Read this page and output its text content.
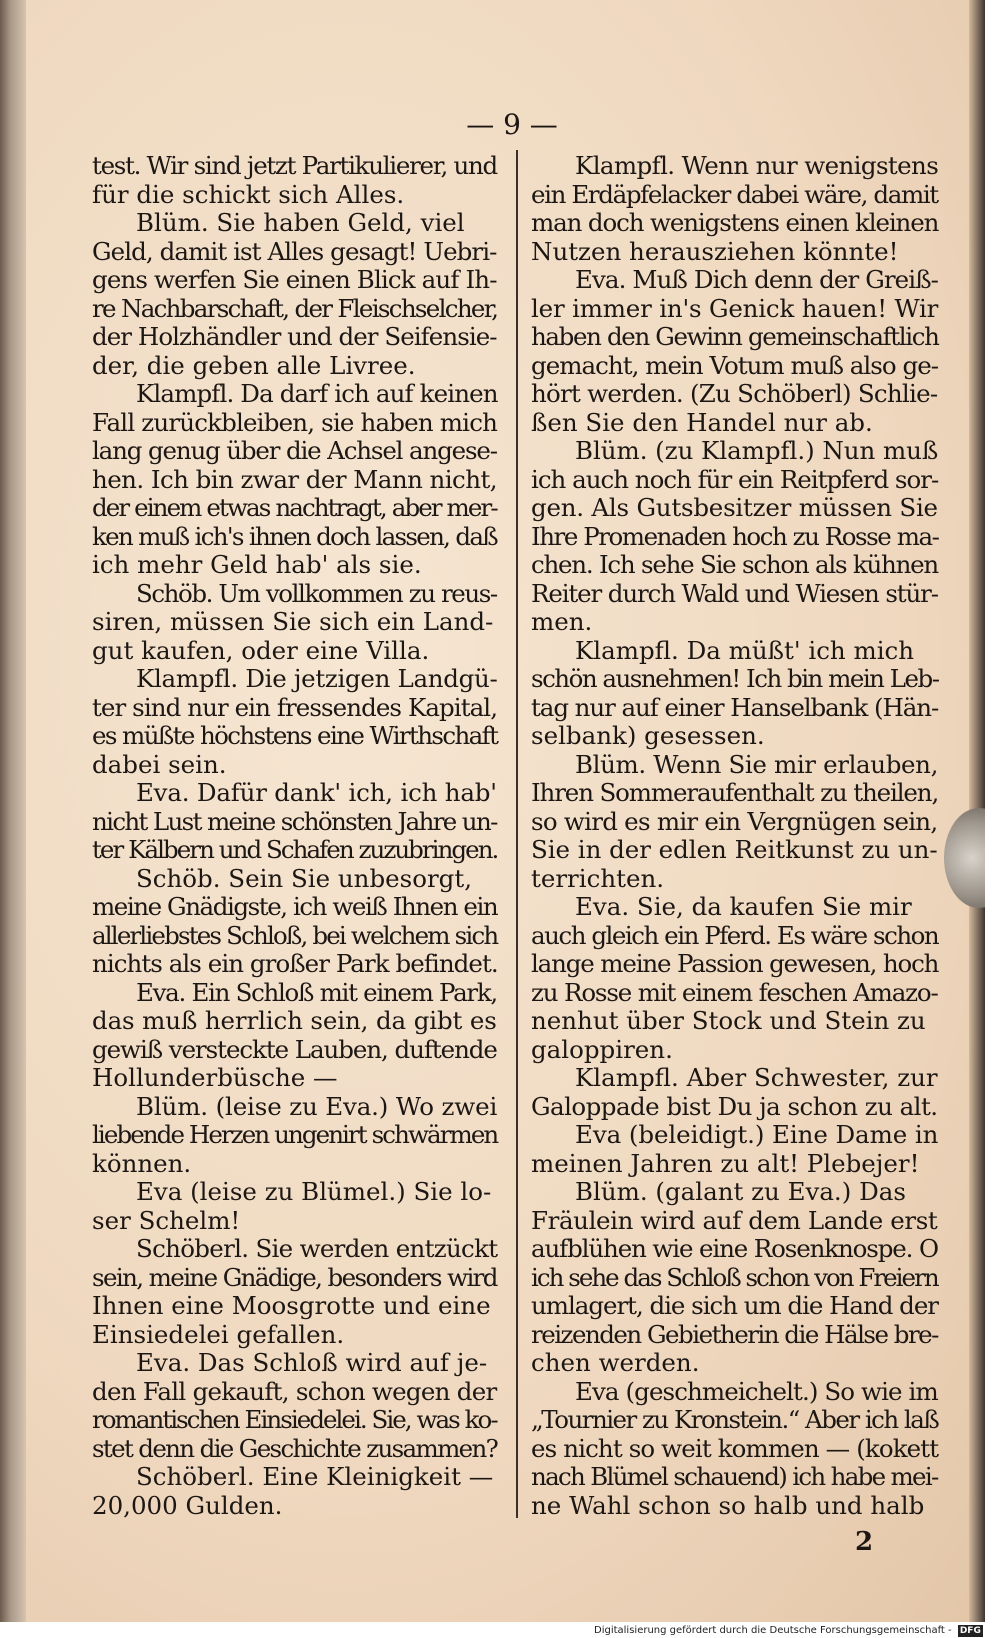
— 9 —
test. Wir sind jetzt Partikulierer, und
für die schickt sich Alles.
Blüm. Sie haben Geld, viel
Geld, damit ist Alles gesagt! Uebri-
gens werfen Sie einen Blick auf Ih-
re Nachbarschaft, der Fleischselcher,
der Holzhändler und der Seifensie-
der, die geben alle Livree.
Klampfl. Da darf ich auf keinen
Fall zurückbleiben, sie haben mich
lang genug über die Achsel angese-
hen. Ich bin zwar der Mann nicht,
der einem etwas nachtragt, aber mer-
ken muß ich's ihnen doch lassen, daß
ich mehr Geld hab' als sie.
Schöb. Um vollkommen zu reus-
siren, müssen Sie sich ein Land-
gut kaufen, oder eine Villa.
Klampfl. Die jetzigen Landgü-
ter sind nur ein fressendes Kapital,
es müßte höchstens eine Wirthschaft
dabei sein.
Eva. Dafür dank' ich, ich hab'
nicht Lust meine schönsten Jahre un-
ter Kälbern und Schafen zuzubringen.
Schöb. Sein Sie unbesorgt,
meine Gnädigste, ich weiß Ihnen ein
allerliebstes Schloß, bei welchem sich
nichts als ein großer Park befindet.
Eva. Ein Schloß mit einem Park,
das muß herrlich sein, da gibt es
gewiß versteckte Lauben, duftende
Hollunderbüsche —
Blüm. (leise zu Eva.) Wo zwei
liebende Herzen ungenirt schwärmen
können.
Eva (leise zu Blümel.) Sie lo-
ser Schelm!
Schöberl. Sie werden entzückt
sein, meine Gnädige, besonders wird
Ihnen eine Moosgrotte und eine
Einsiedelei gefallen.
Eva. Das Schloß wird auf je-
den Fall gekauft, schon wegen der
romantischen Einsiedelei. Sie, was ko-
stet denn die Geschichte zusammen?
Schöberl. Eine Kleinigkeit —
20,000 Gulden.
Klampfl. Wenn nur wenigstens
ein Erdäpfelacker dabei wäre, damit
man doch wenigstens einen kleinen
Nutzen herausziehen könnte!
Eva. Muß Dich denn der Greiß-
ler immer in's Genick hauen! Wir
haben den Gewinn gemeinschaftlich
gemacht, mein Votum muß also ge-
hört werden. (Zu Schöberl) Schlie-
ßen Sie den Handel nur ab.
Blüm. (zu Klampfl.) Nun muß
ich auch noch für ein Reitpferd sor-
gen. Als Gutsbesitzer müssen Sie
Ihre Promenaden hoch zu Rosse ma-
chen. Ich sehe Sie schon als kühnen
Reiter durch Wald und Wiesen stür-
men.
Klampfl. Da müßt' ich mich
schön ausnehmen! Ich bin mein Leb-
tag nur auf einer Hanselbank (Hän-
selbank) gesessen.
Blüm. Wenn Sie mir erlauben,
Ihren Sommeraufenthalt zu theilen,
so wird es mir ein Vergnügen sein,
Sie in der edlen Reitkunst zu un-
terrichten.
Eva. Sie, da kaufen Sie mir
auch gleich ein Pferd. Es wäre schon
lange meine Passion gewesen, hoch
zu Rosse mit einem feschen Amazo-
nenhut über Stock und Stein zu
galoppiren.
Klampfl. Aber Schwester, zur
Galoppade bist Du ja schon zu alt.
Eva (beleidigt.) Eine Dame in
meinen Jahren zu alt! Plebejer!
Blüm. (galant zu Eva.) Das
Fräulein wird auf dem Lande erst
aufblühen wie eine Rosenknospe. O
ich sehe das Schloß schon von Freiern
umlagert, die sich um die Hand der
reizenden Gebietherin die Hälse bre-
chen werden.
Eva (geschmeichelt.) So wie im
„Tournier zu Kronstein.“ Aber ich laß
es nicht so weit kommen — (kokett
nach Blümel schauend) ich habe mei-
ne Wahl schon so halb und halb
2
Digitalisierung gefördert durch die Deutsche Forschungsgemeinschaft - DFG
